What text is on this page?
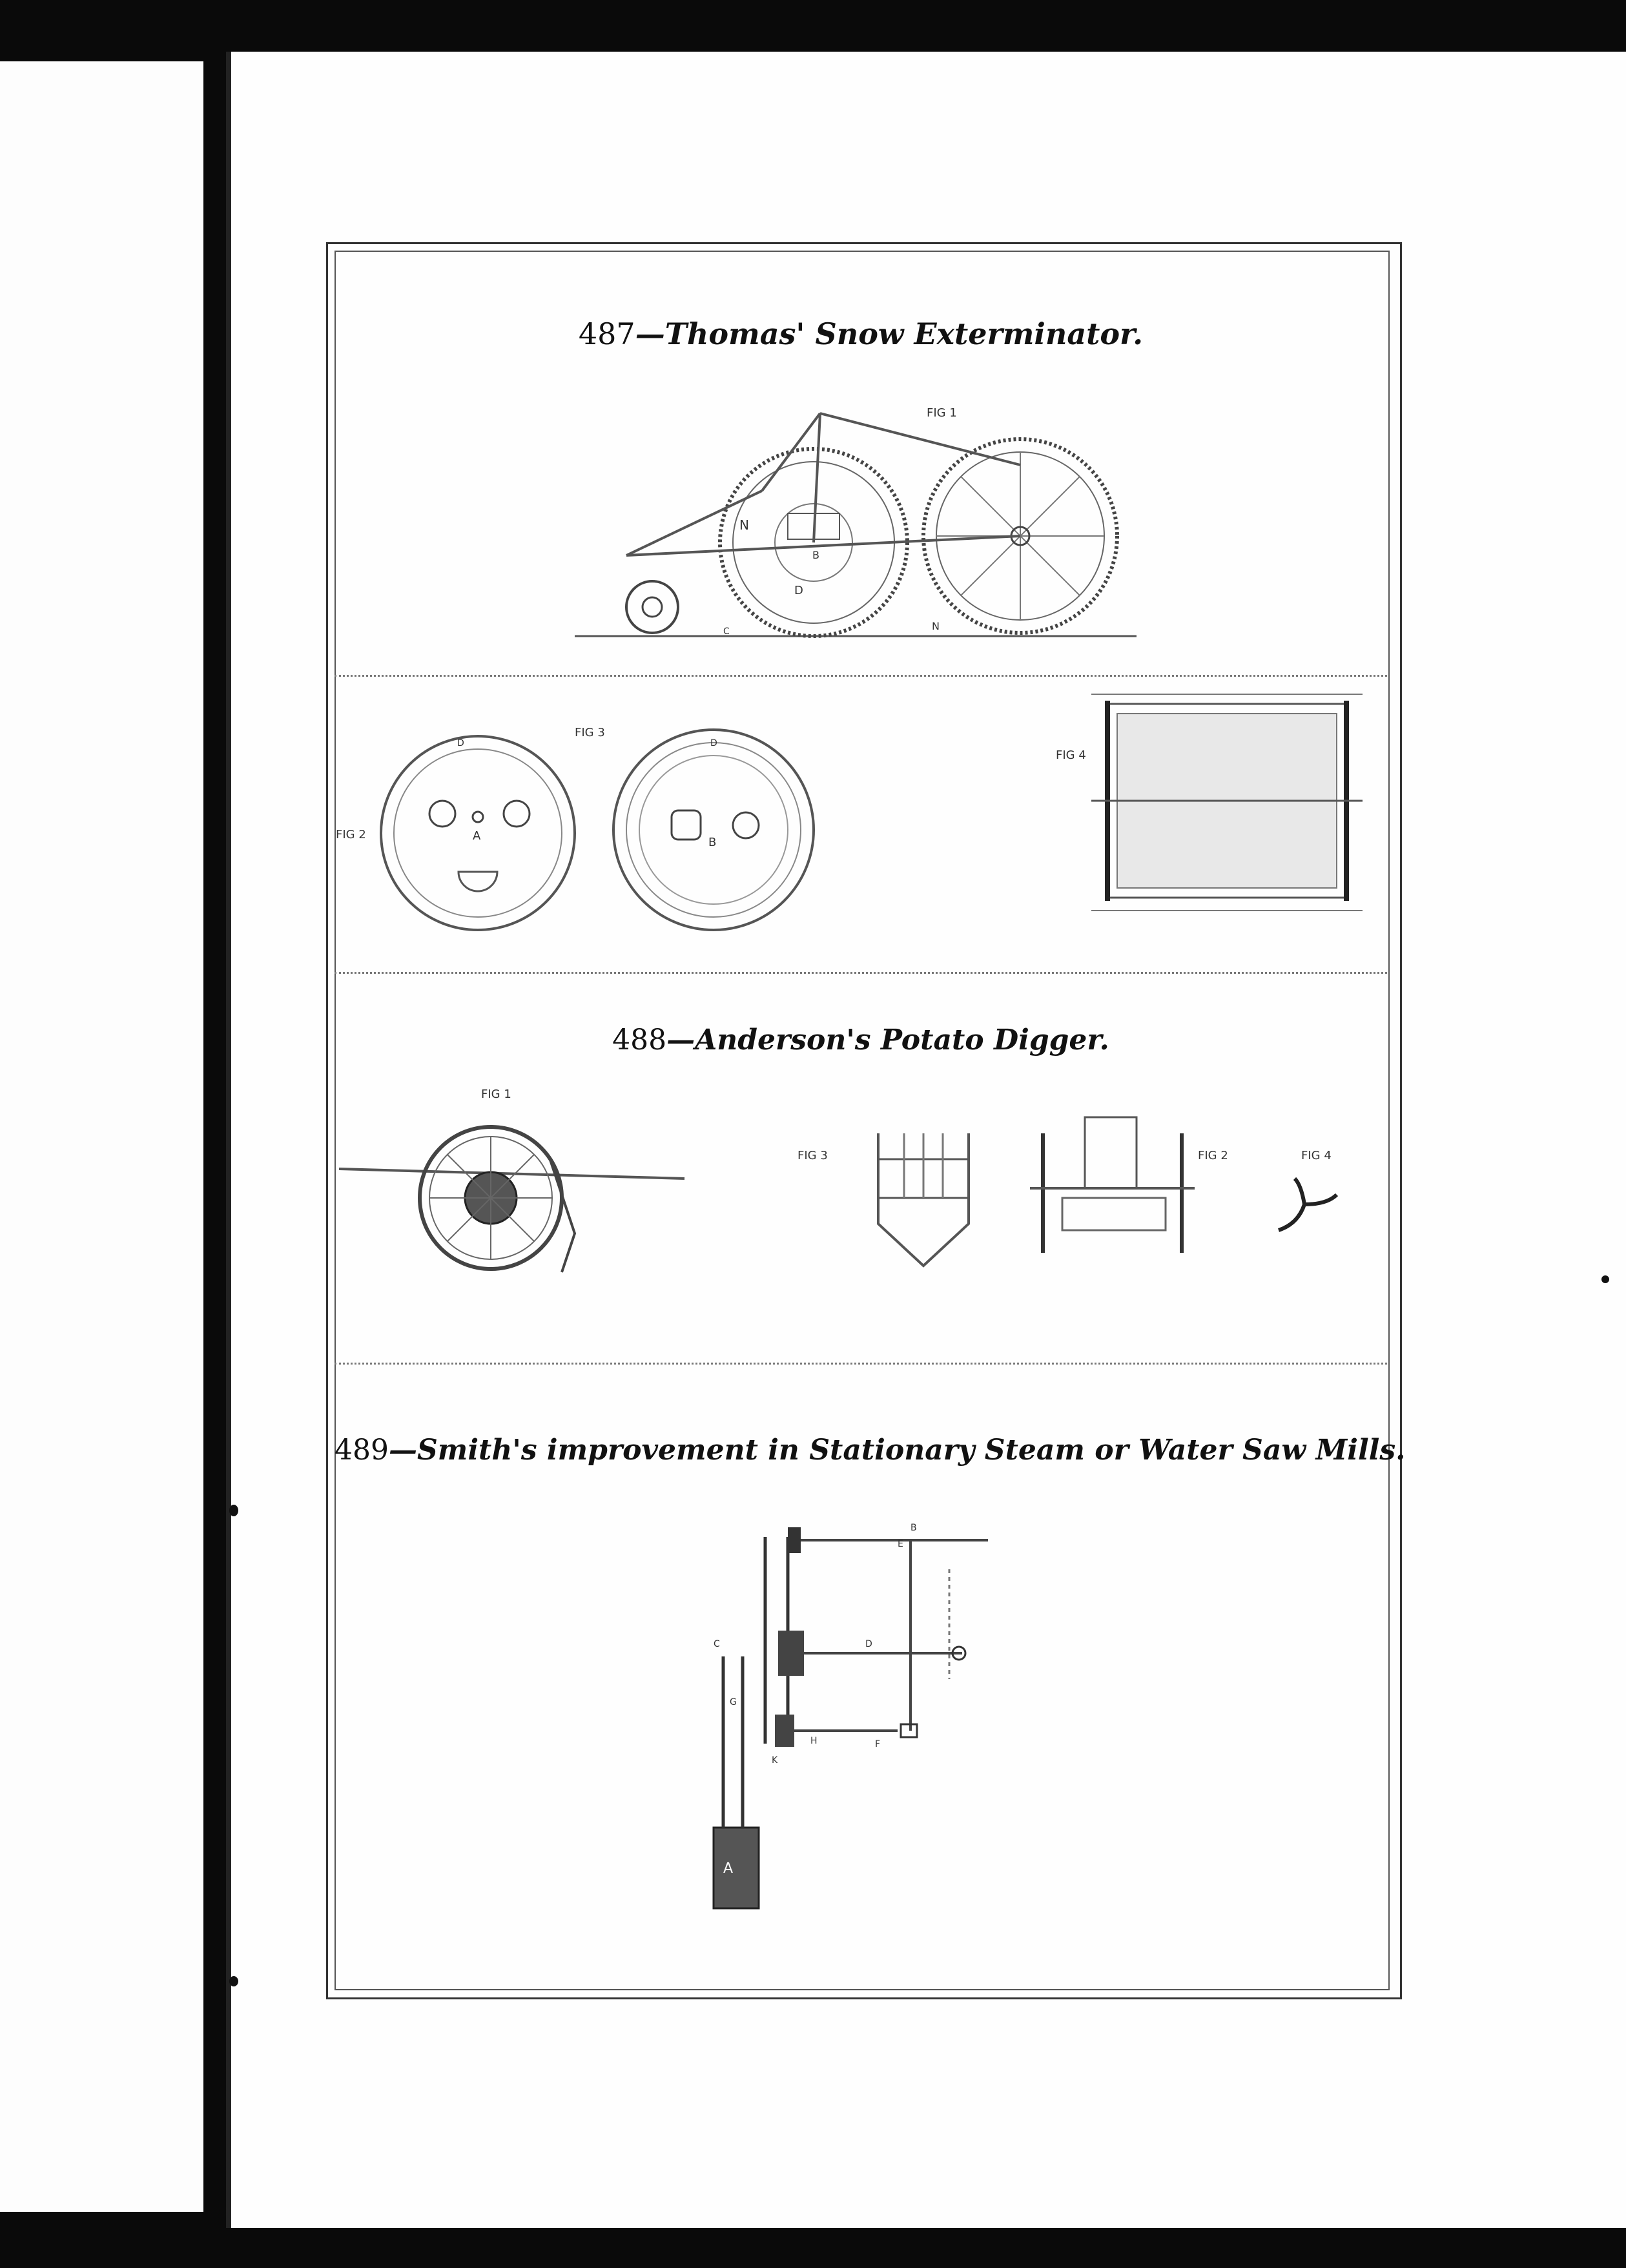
487—Thomas' Snow Exterminator.
FIG 1
N
B
D
C	N
FIG 2	A
D
FIG 3
B
D
FIG 4
488—Anderson's Potato Digger.
FIG 1
FIG 3	FIG 2	FIG 4
489—Smith's improvement in Stationary Steam or Water Saw Mills.
A
B
C	D
E
F
G
H
K
